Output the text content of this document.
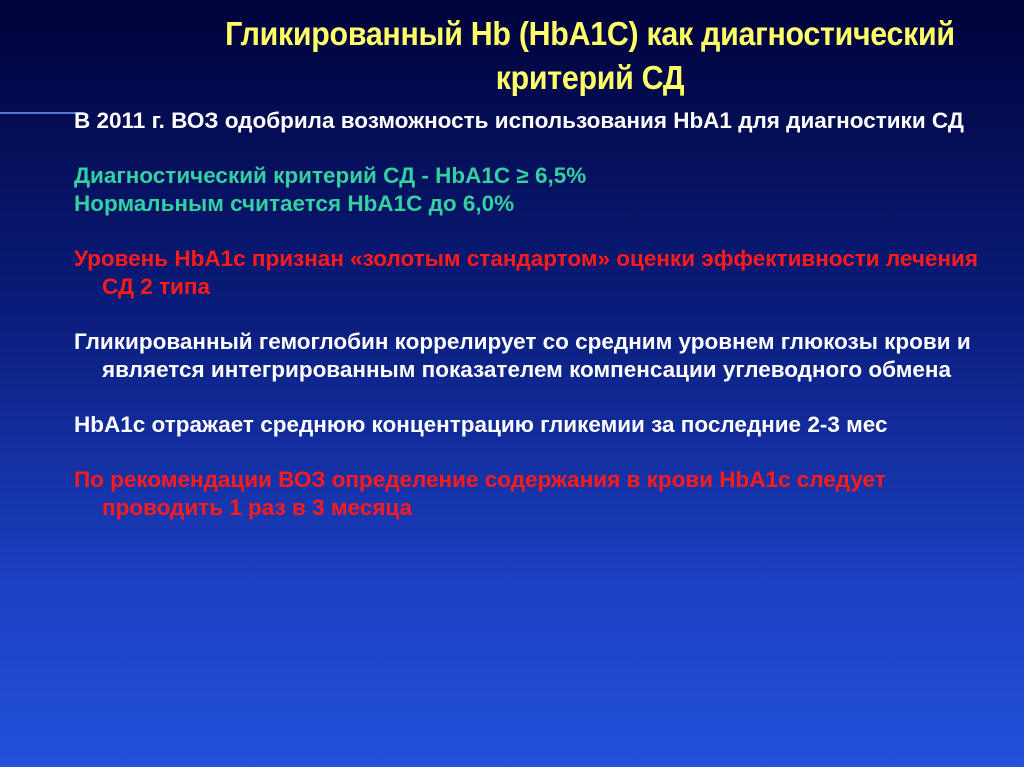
Гликированный Hb (HbA1C) как диагностический критерий СД

В 2011 г. ВОЗ одобрила возможность использования HbA1 для диагностики СД

Диагностический критерий СД - HbA1C ≥ 6,5%

Нормальным считается HbA1C до 6,0%

Уровень HbA1с признан «золотым стандартом» оценки эффективности лечения СД 2 типа

Гликированный гемоглобин коррелирует со средним уровнем глюкозы крови и является интегрированным показателем компенсации углеводного обмена

HbA1c отражает среднюю концентрацию гликемии за последние 2-3 мес

По рекомендации ВОЗ определение содержания в крови HbA1c следует проводить 1 раз в 3 месяца
